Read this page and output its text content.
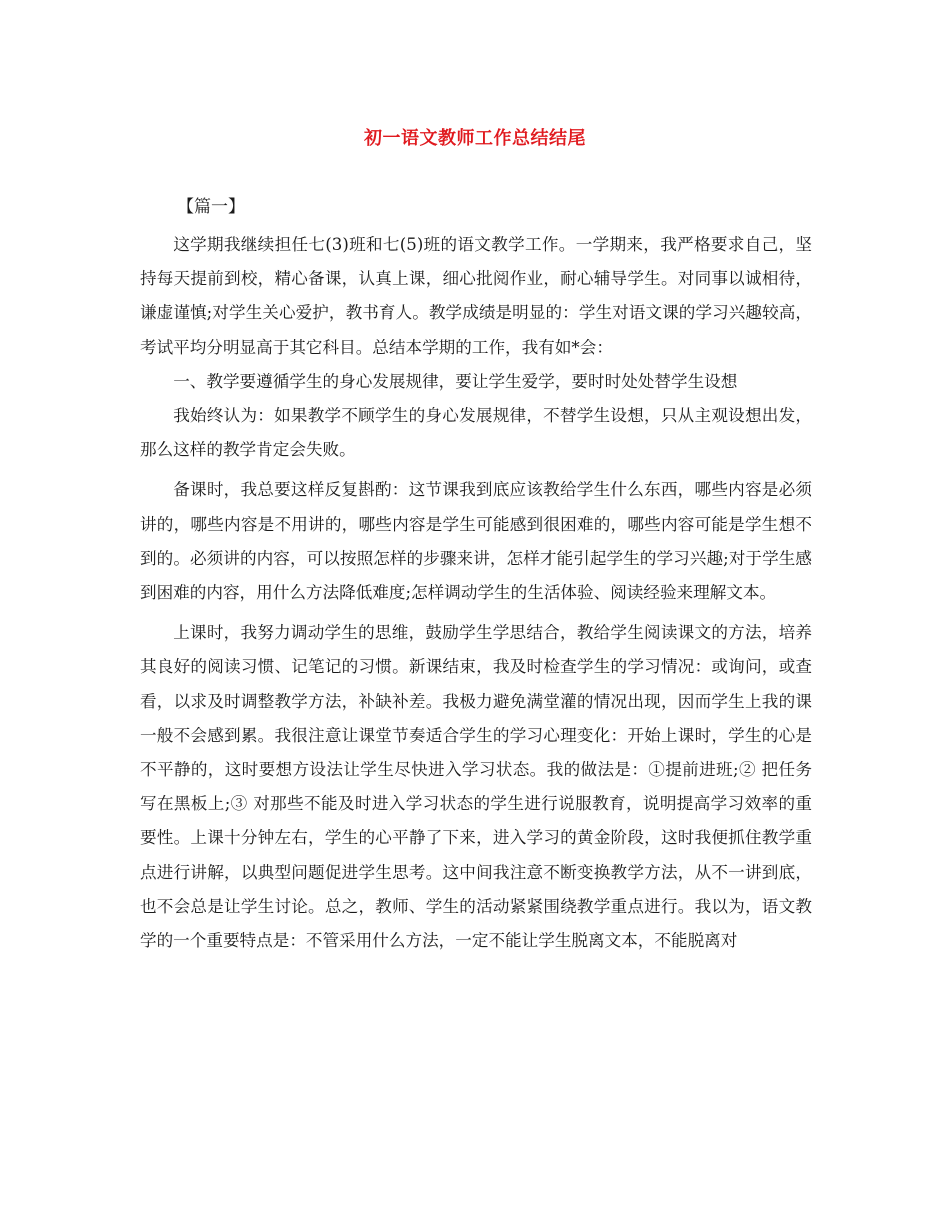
初一语文教师工作总结结尾
【篇一】

这学期我继续担任七(3)班和七(5)班的语文教学工作。一学期来，我严格要求自己，坚持每天提前到校，精心备课，认真上课，细心批阅作业，耐心辅导学生。对同事以诚相待，谦虚谨慎;对学生关心爱护，教书育人。教学成绩是明显的：学生对语文课的学习兴趣较高，考试平均分明显高于其它科目。总结本学期的工作，我有如*会：

一、教学要遵循学生的身心发展规律，要让学生爱学，要时时处处替学生设想

我始终认为：如果教学不顾学生的身心发展规律，不替学生设想，只从主观设想出发，那么这样的教学肯定会失败。

备课时，我总要这样反复斟酌：这节课我到底应该教给学生什么东西，哪些内容是必须讲的，哪些内容是不用讲的，哪些内容是学生可能感到很困难的，哪些内容可能是学生想不到的。必须讲的内容，可以按照怎样的步骤来讲，怎样才能引起学生的学习兴趣;对于学生感到困难的内容，用什么方法降低难度;怎样调动学生的生活体验、阅读经验来理解文本。

上课时，我努力调动学生的思维，鼓励学生学思结合，教给学生阅读课文的方法，培养其良好的阅读习惯、记笔记的习惯。新课结束，我及时检查学生的学习情况：或询问，或查看，以求及时调整教学方法，补缺补差。我极力避免满堂灌的情况出现，因而学生上我的课一般不会感到累。我很注意让课堂节奏适合学生的学习心理变化：开始上课时，学生的心是不平静的，这时要想方设法让学生尽快进入学习状态。我的做法是：①提前进班;② 把任务写在黑板上;③ 对那些不能及时进入学习状态的学生进行说服教育，说明提高学习效率的重要性。上课十分钟左右，学生的心平静了下来，进入学习的黄金阶段，这时我便抓住教学重点进行讲解，以典型问题促进学生思考。这中间我注意不断变换教学方法，从不一讲到底，也不会总是让学生讨论。总之，教师、学生的活动紧紧围绕教学重点进行。我以为，语文教学的一个重要特点是：不管采用什么方法，一定不能让学生脱离文本，不能脱离对
